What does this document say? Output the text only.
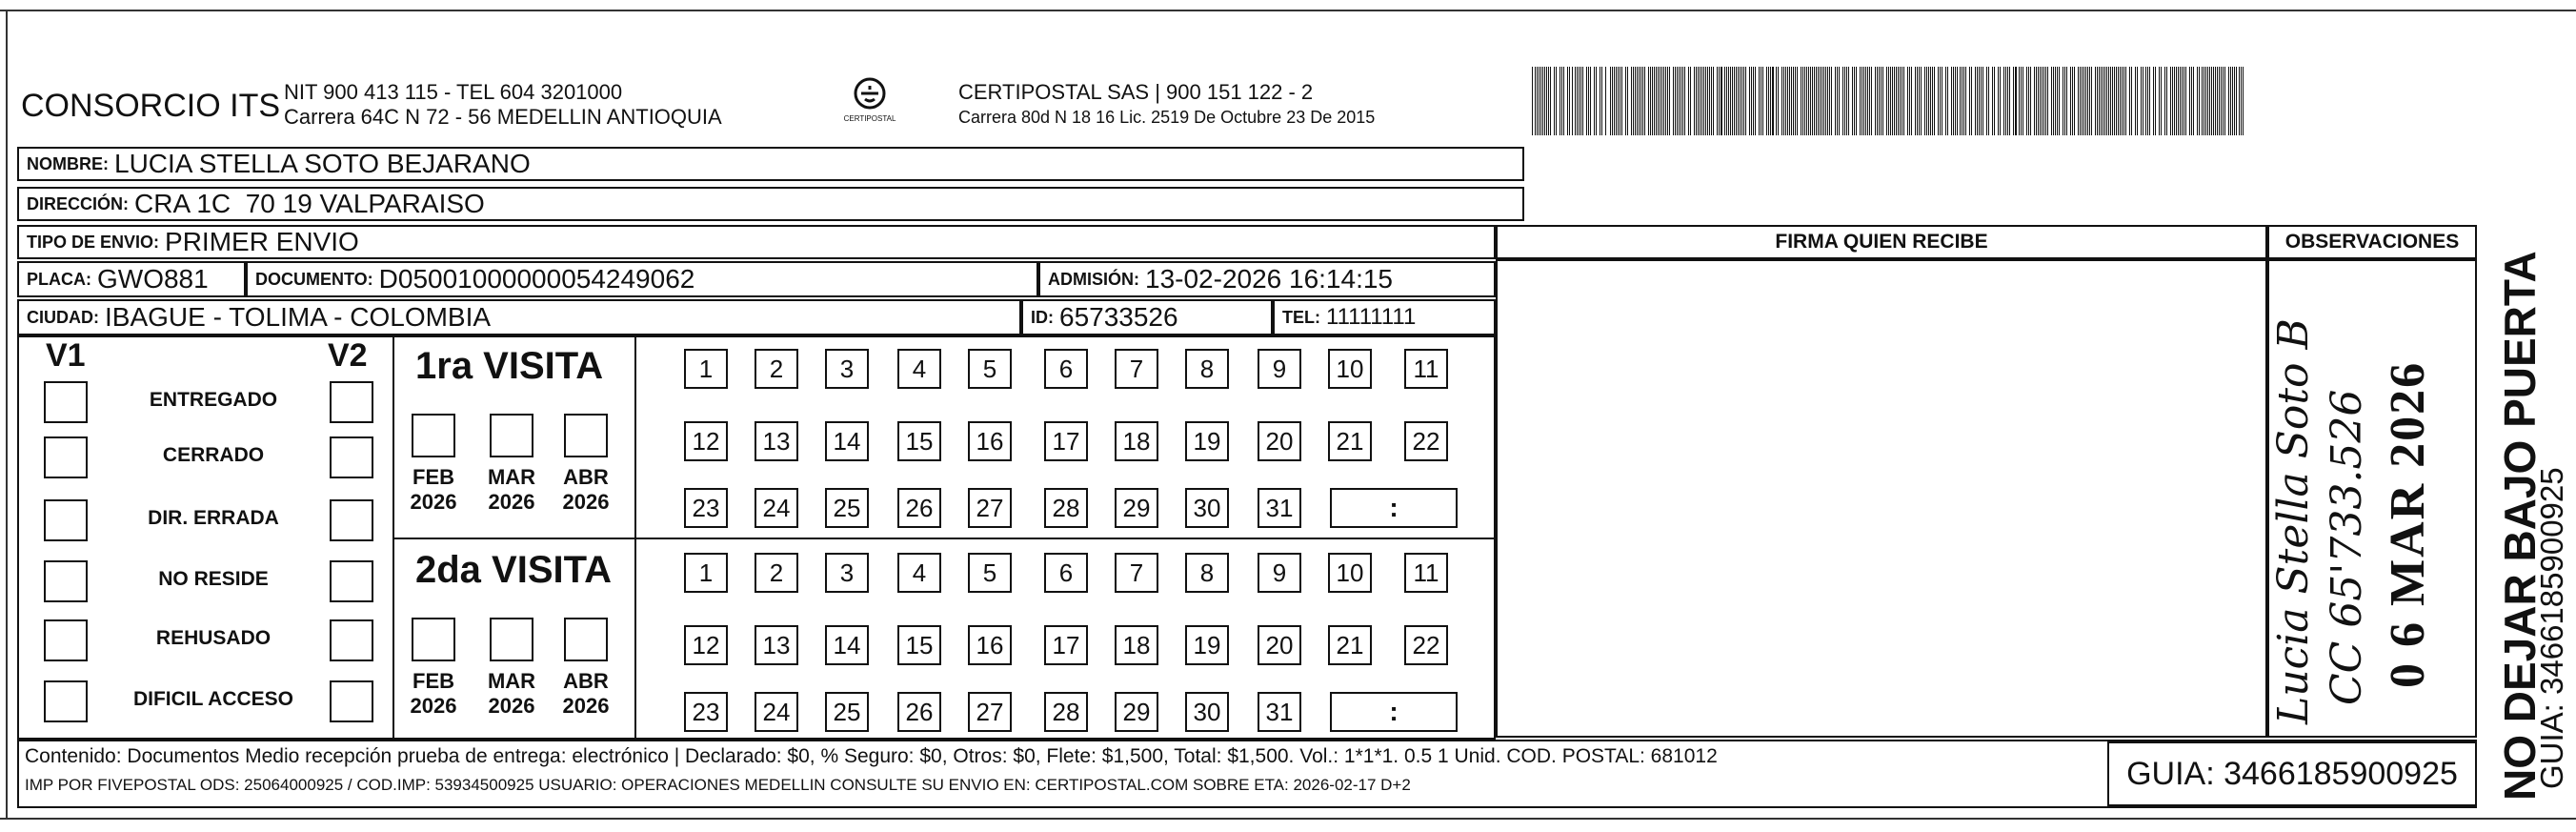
CONSORCIO ITS NIT 900 413 115 - TEL 604 3201000
Carrera 64C N 72 - 56 MEDELLIN ANTIOQUIA	CERTIPOSTAL
CERTIPOSTAL SAS | 900 151 122 - 2
Carrera 80d N 18 16 Lic. 2519 De Octubre 23 De 2015
NOMBRE: LUCIA STELLA SOTO BEJARANO
DIRECCIÓN: CRA 1C  70 19 VALPARAISO
TIPO DE ENVIO: PRIMER ENVIO	FIRMA QUIEN RECIBE	OBSERVACIONES
PLACA: GWO881	DOCUMENTO: D05001000000054249062	ADMISIÓN: 13-02-2026 16:14:15
CIUDAD: IBAGUE - TOLIMA - COLOMBIA	ID: 65733526	TEL: 11111111
V1	V2
ENTREGADO
CERRADO
DIR. ERRADA
NO RESIDE
REHUSADO
DIFICIL ACCESO
1ra VISITA
FEB
2026
MAR
2026
ABR
2026
1	2	3	4	5	6	7	8	9	10	11
12	13	14	15	16	17	18	19	20	21	22
23	24	25	26	27	28	29	30	31	:
2da VISITA
FEB
2026
MAR
2026
ABR
2026
1	2	3	4	5	6	7	8	9	10	11
12	13	14	15	16	17	18	19	20	21	22
23	24	25	26	27	28	29	30	31	:
Contenido: Documentos Medio recepción prueba de entrega: electrónico | Declarado: $0, % Seguro: $0, Otros: $0, Flete: $1,500, Total: $1,500. Vol.: 1*1*1. 0.5 1 Unid. COD. POSTAL: 681012
IMP POR FIVEPOSTAL ODS: 25064000925 / COD.IMP: 53934500925 USUARIO: OPERACIONES MEDELLIN CONSULTE SU ENVIO EN: CERTIPOSTAL.COM SOBRE ETA: 2026-02-17 D+2	GUIA: 3466185900925 NO DEJAR BAJO PUERTA
GUIA: 3466185900925
Lucia Stella Soto B CC 65'733.526 0 6 MAR 2026
